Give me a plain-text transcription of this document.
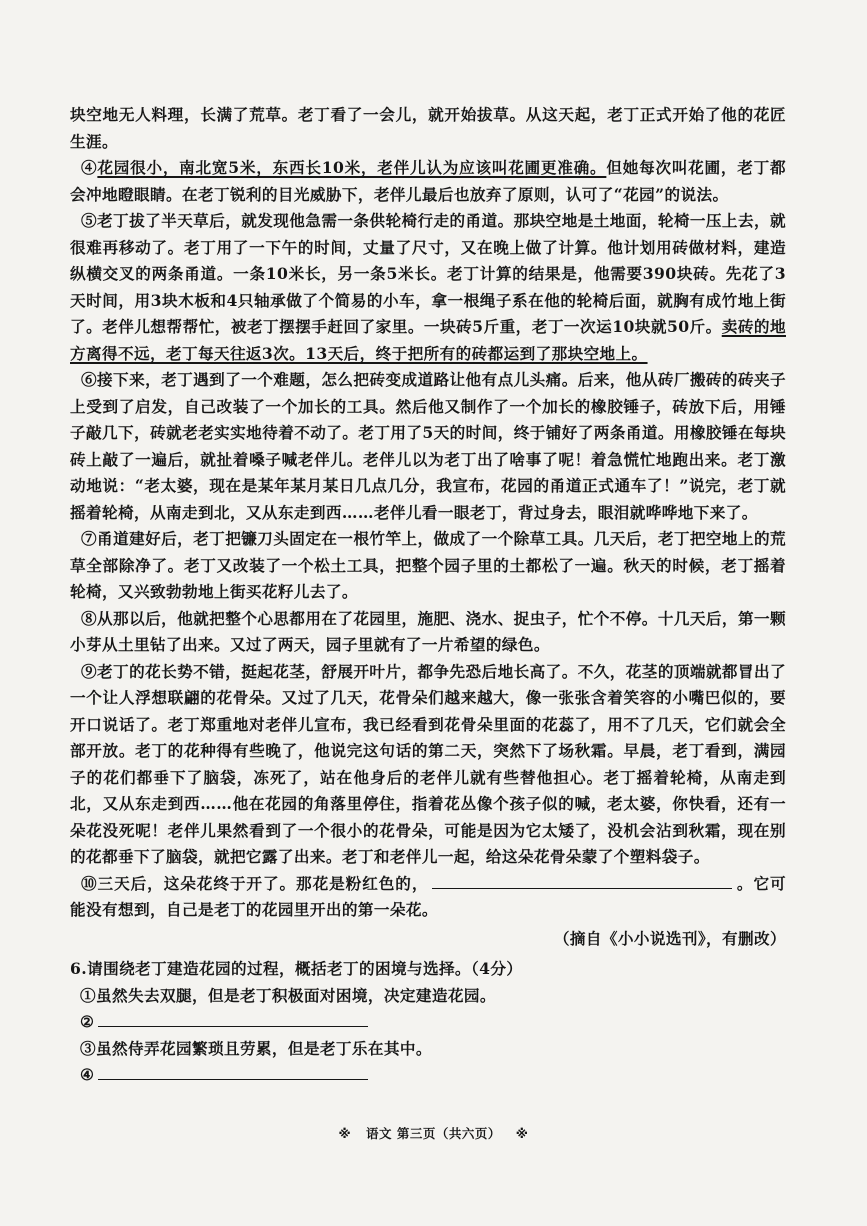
块空地无人料理，长满了荒草。老丁看了一会儿，就开始拔草。从这天起，老丁正式开始了他的花匠生涯。

④花园很小，南北宽5米，东西长10米，老伴儿认为应该叫花圃更准确。但她每次叫花圃，老丁都会冲地瞪眼睛。在老丁锐利的目光威胁下，老伴儿最后也放弃了原则，认可了“花园”的说法。

⑤老丁拔了半天草后，就发现他急需一条供轮椅行走的甬道。那块空地是土地面，轮椅一压上去，就很难再移动了。老丁用了一下午的时间，丈量了尺寸，又在晚上做了计算。他计划用砖做材料，建造纵横交叉的两条甬道。一条10米长，另一条5米长。老丁计算的结果是，他需要390块砖。先花了3天时间，用3块木板和4只轴承做了个简易的小车，拿一根绳子系在他的轮椅后面，就胸有成竹地上街了。老伴儿想帮帮忙，被老丁摆摆手赶回了家里。一块砖5斤重，老丁一次运10块就50斤。卖砖的地方离得不远，老丁每天往返3次。13天后，终于把所有的砖都运到了那块空地上。

⑥接下来，老丁遇到了一个难题，怎么把砖变成道路让他有点儿头痛。后来，他从砖厂搬砖的砖夹子上受到了启发，自己改装了一个加长的工具。然后他又制作了一个加长的橡胶锤子，砖放下后，用锤子敲几下，砖就老老实实地待着不动了。老丁用了5天的时间，终于铺好了两条甬道。用橡胶锤在每块砖上敲了一遍后，就扯着嗓子喊老伴儿。老伴儿以为老丁出了啥事了呢！着急慌忙地跑出来。老丁激动地说：“老太婆，现在是某年某月某日几点几分，我宣布，花园的甬道正式通车了！”说完，老丁就摇着轮椅，从南走到北，又从东走到西……老伴儿看一眼老丁，背过身去，眼泪就哗哗地下来了。

⑦甬道建好后，老丁把镰刀头固定在一根竹竿上，做成了一个除草工具。几天后，老丁把空地上的荒草全部除净了。老丁又改装了一个松土工具，把整个园子里的土都松了一遍。秋天的时候，老丁摇着轮椅，又兴致勃勃地上街买花籽儿去了。

⑧从那以后，他就把整个心思都用在了花园里，施肥、浇水、捉虫子，忙个不停。十几天后，第一颗小芽从土里钻了出来。又过了两天，园子里就有了一片希望的绿色。

⑨老丁的花长势不错，挺起花茎，舒展开叶片，都争先恐后地长高了。不久，花茎的顶端就都冒出了一个让人浮想联翩的花骨朵。又过了几天，花骨朵们越来越大，像一张张含着笑容的小嘴巴似的，要开口说话了。老丁郑重地对老伴儿宣布，我已经看到花骨朵里面的花蕊了，用不了几天，它们就会全部开放。老丁的花种得有些晚了，他说完这句话的第二天，突然下了场秋霜。早晨，老丁看到，满园子的花们都垂下了脑袋，冻死了，站在他身后的老伴儿就有些替他担心。老丁摇着轮椅，从南走到北，又从东走到西……他在花园的角落里停住，指着花丛像个孩子似的喊，老太婆，你快看，还有一朵花没死呢！老伴儿果然看到了一个很小的花骨朵，可能是因为它太矮了，没机会沾到秋霜，现在别的花都垂下了脑袋，就把它露了出来。老丁和老伴儿一起，给这朵花骨朵蒙了个塑料袋子。

⑩三天后，这朵花终于开了。那花是粉红色的，	。它可能没有想到，自己是老丁的花园里开出的第一朵花。

（摘自《小小说选刊》，有删改）

6.请围绕老丁建造花园的过程，概括老丁的困境与选择。（4分）

①虽然失去双腿，但是老丁积极面对困境，决定建造花园。

②

③虽然侍弄花园繁琐且劳累，但是老丁乐在其中。

④

※ 语文 第三页（共六页） ※
